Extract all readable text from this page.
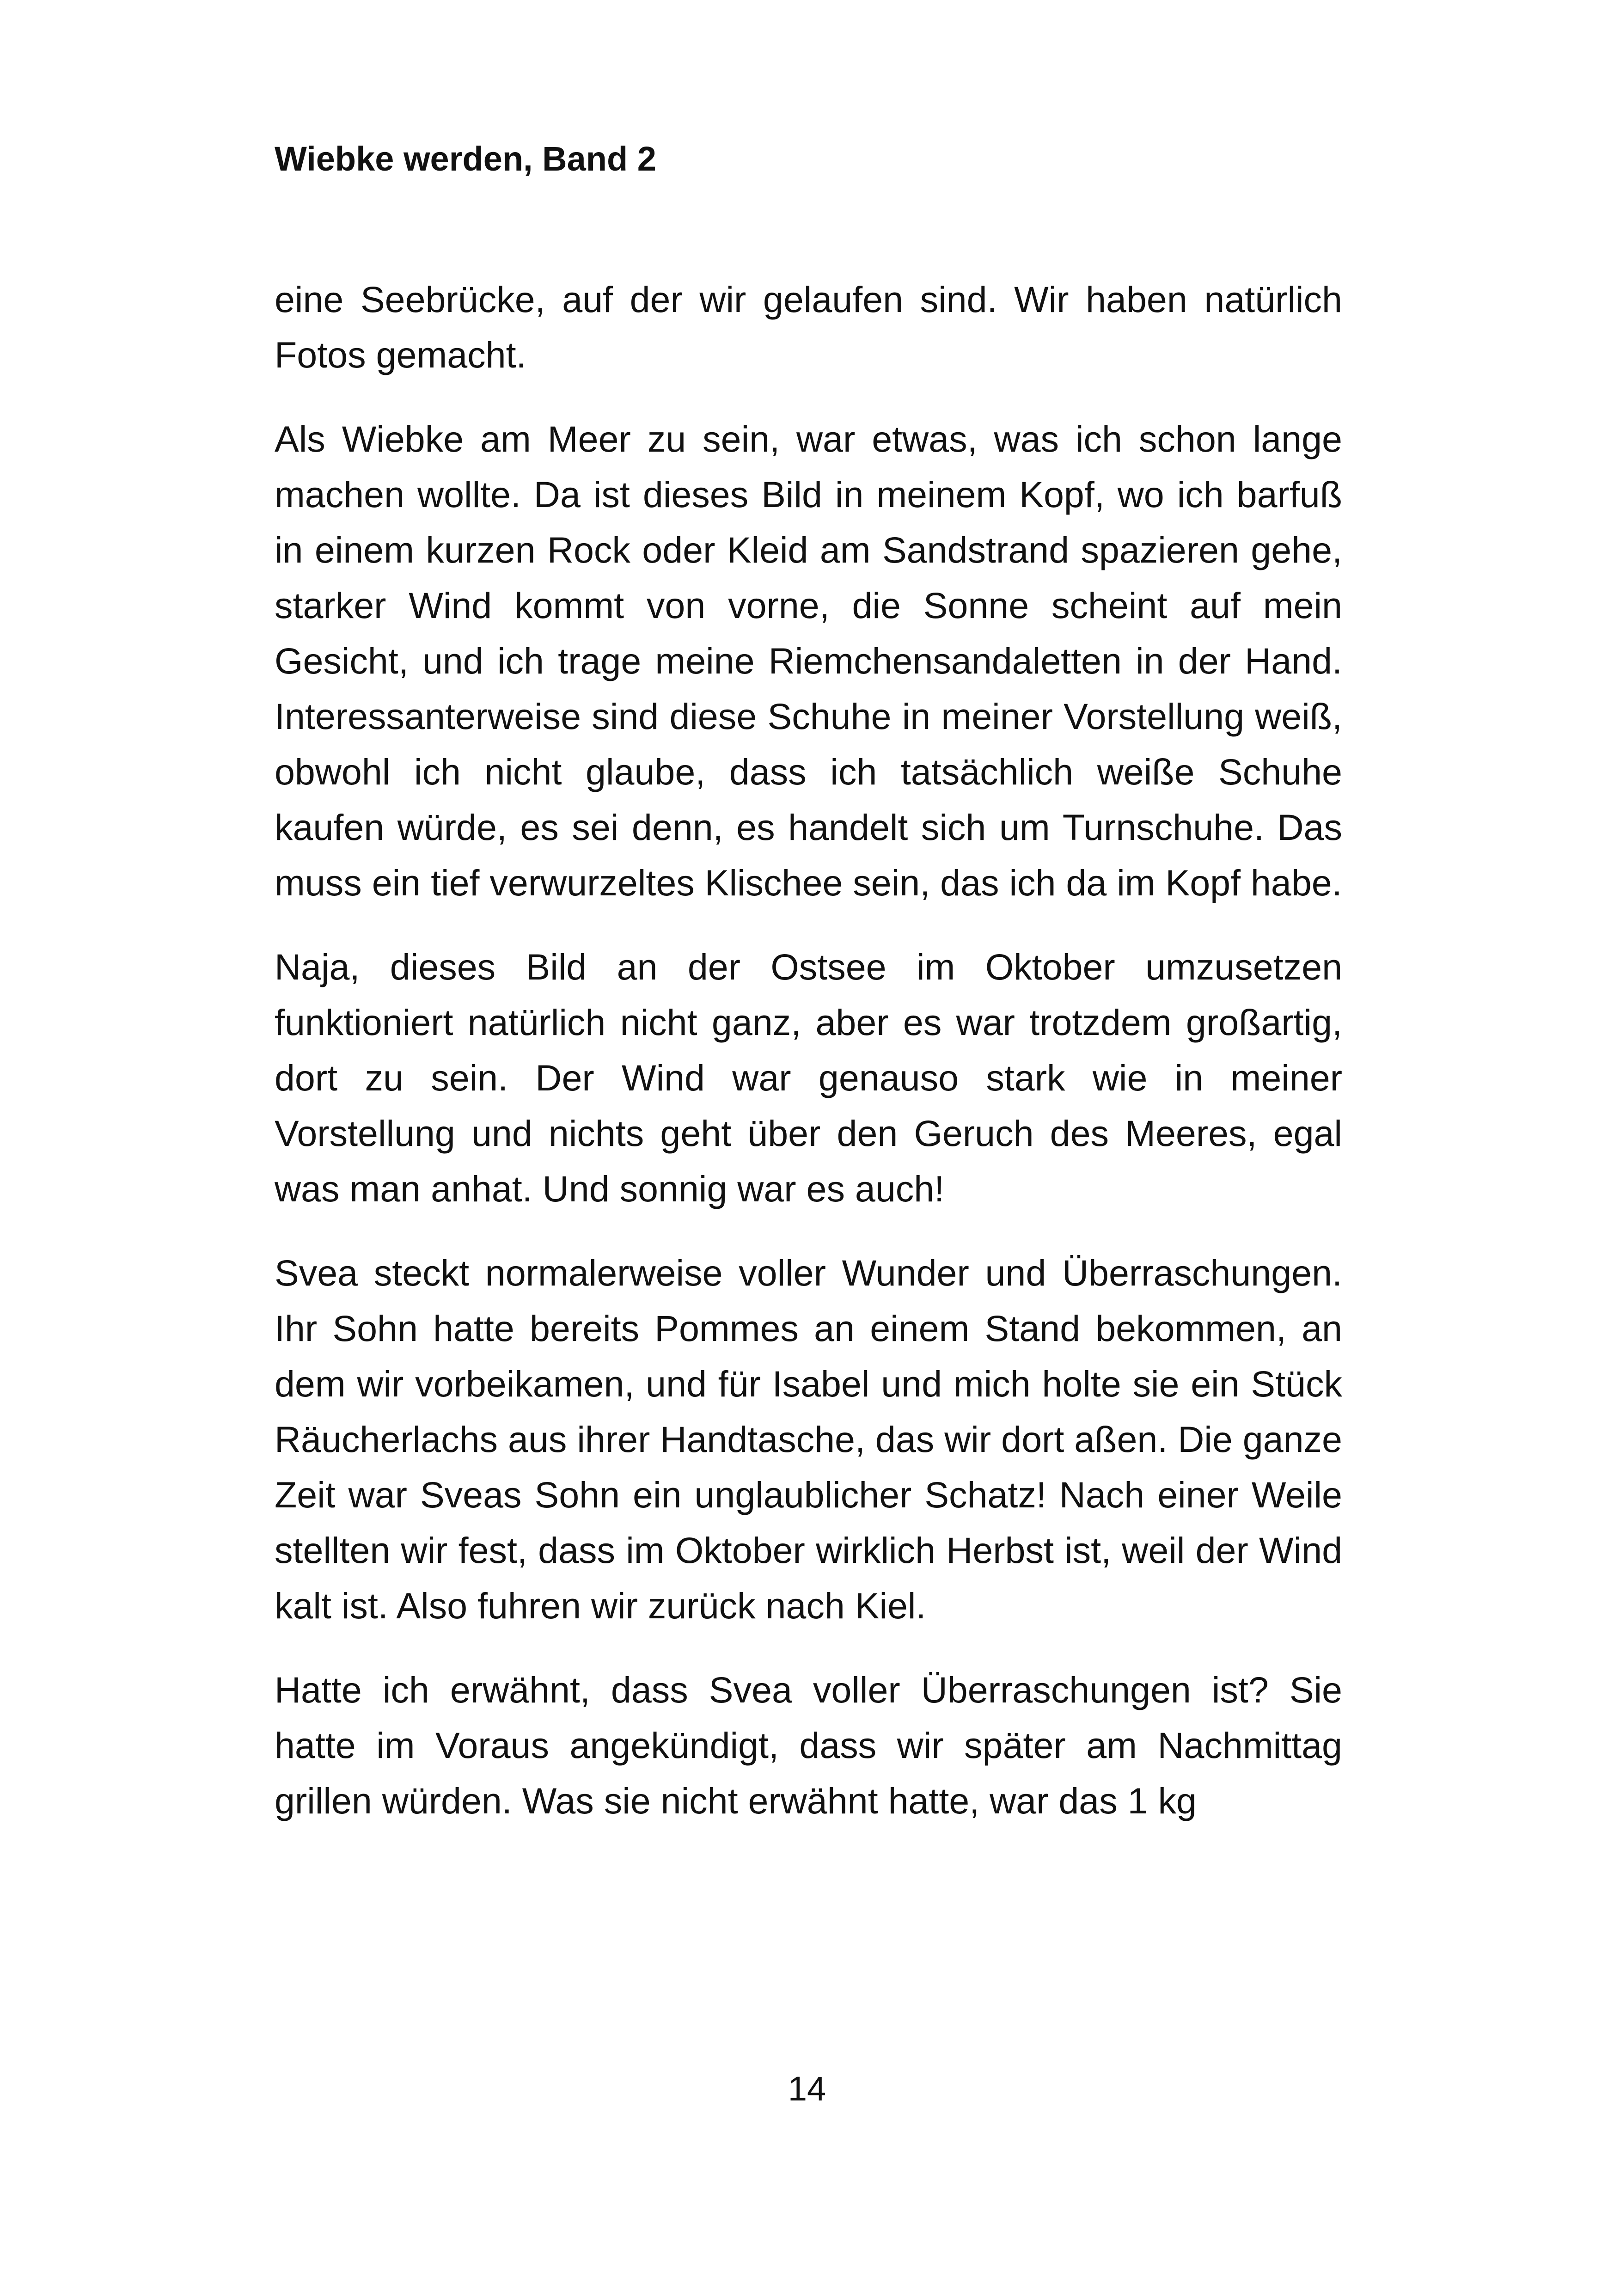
Wiebke werden, Band 2

eine Seebrücke, auf der wir gelaufen sind. Wir haben natürlich Fotos gemacht.

Als Wiebke am Meer zu sein, war etwas, was ich schon lange machen wollte. Da ist dieses Bild in meinem Kopf, wo ich barfuß in einem kurzen Rock oder Kleid am Sandstrand spazieren gehe, starker Wind kommt von vorne, die Sonne scheint auf mein Gesicht, und ich trage meine Riemchensandaletten in der Hand. Interessanterweise sind diese Schuhe in meiner Vorstellung weiß, obwohl ich nicht glaube, dass ich tatsächlich weiße Schuhe kaufen würde, es sei denn, es handelt sich um Turnschuhe. Das muss ein tief verwurzeltes Klischee sein, das ich da im Kopf habe.

Naja, dieses Bild an der Ostsee im Oktober umzusetzen funktioniert natürlich nicht ganz, aber es war trotzdem großartig, dort zu sein. Der Wind war genauso stark wie in meiner Vorstellung und nichts geht über den Geruch des Meeres, egal was man anhat. Und sonnig war es auch!

Svea steckt normalerweise voller Wunder und Überraschungen. Ihr Sohn hatte bereits Pommes an einem Stand bekommen, an dem wir vorbeikamen, und für Isabel und mich holte sie ein Stück Räucherlachs aus ihrer Handtasche, das wir dort aßen. Die ganze Zeit war Sveas Sohn ein unglaublicher Schatz! Nach einer Weile stellten wir fest, dass im Oktober wirklich Herbst ist, weil der Wind kalt ist. Also fuhren wir zurück nach Kiel.

Hatte ich erwähnt, dass Svea voller Überraschungen ist? Sie hatte im Voraus angekündigt, dass wir später am Nachmittag grillen würden. Was sie nicht erwähnt hatte, war das 1 kg

14
